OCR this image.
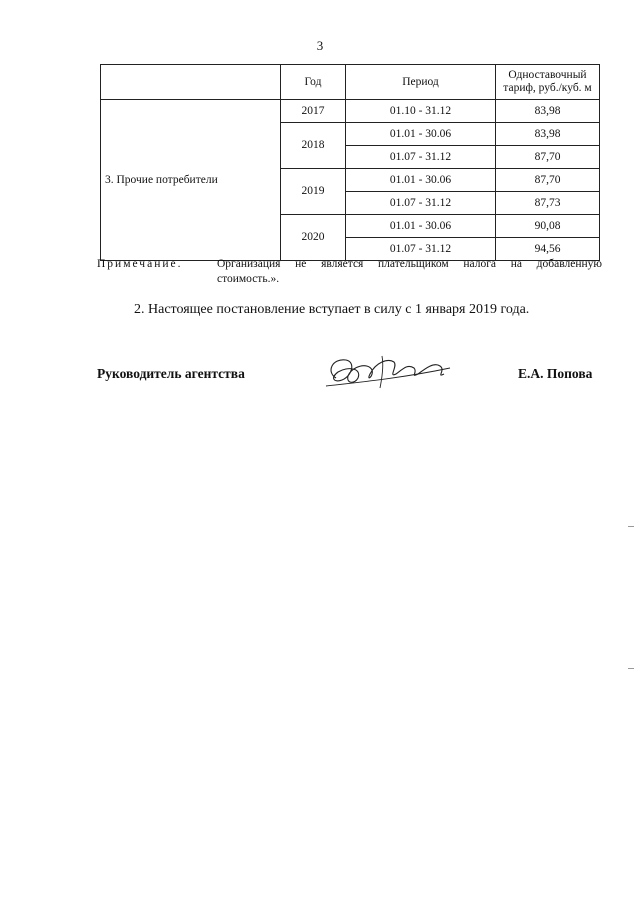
3
	Год	Период	Одноставочный
тариф, руб./куб. м
3. Прочие потребители	2017	01.10 - 31.12	83,98
	2018	01.01 - 30.06	83,98
		01.07 - 31.12	87,70
	2019	01.01 - 30.06	87,70
		01.07 - 31.12	87,73
	2020	01.01 - 30.06	90,08
		01.07 - 31.12	94,56
Примечание.	Организация не является плательщиком налога на добавленную
стоимость.».
2. Настоящее постановление вступает в силу с 1 января 2019 года.
Руководитель агентства	Е.А. Попова
